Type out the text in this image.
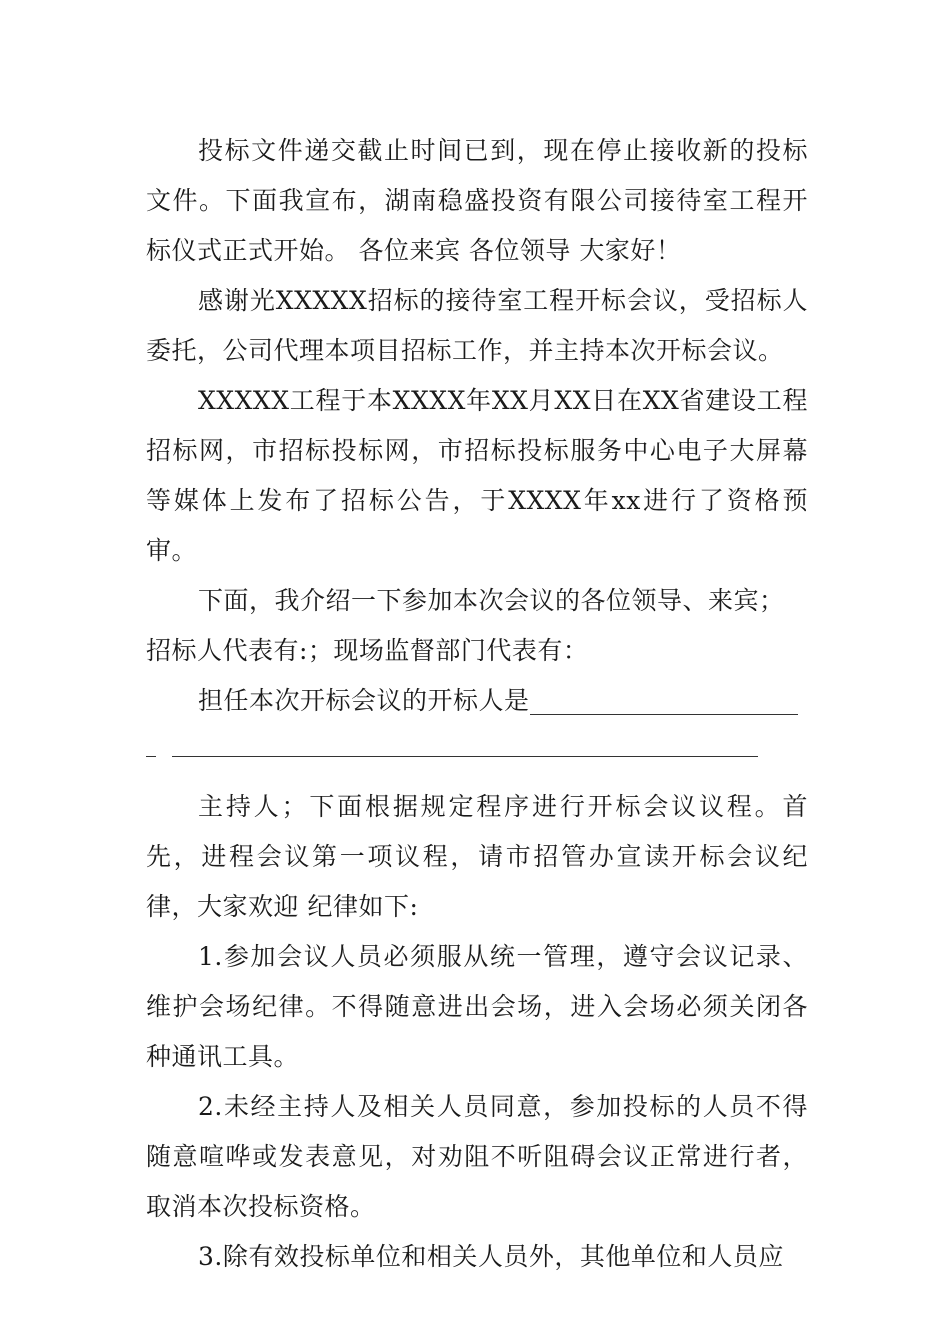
投标文件递交截止时间已到，现在停止接收新的投标文件。下面我宣布，湖南稳盛投资有限公司接待室工程开标仪式正式开始。 各位来宾 各位领导 大家好！

感谢光XXXXX招标的接待室工程开标会议，受招标人委托，公司代理本项目招标工作，并主持本次开标会议。

XXXXX工程于本XXXX年XX月XX日在XX省建设工程招标网，市招标投标网，市招标投标服务中心电子大屏幕等媒体上发布了招标公告，于XXXX年xx进行了资格预审。

下面，我介绍一下参加本次会议的各位领导、来宾；

招标人代表有:；现场监督部门代表有：

担任本次开标会议的开标人是

主持人；下面根据规定程序进行开标会议议程。首先，进程会议第一项议程，请市招管办宣读开标会议纪律，大家欢迎 纪律如下:

1.参加会议人员必须服从统一管理，遵守会议记录、维护会场纪律。不得随意进出会场，进入会场必须关闭各种通讯工具。

2.未经主持人及相关人员同意，参加投标的人员不得随意喧哗或发表意见，对劝阻不听阻碍会议正常进行者，取消本次投标资格。

3.除有效投标单位和相关人员外，其他单位和人员应
